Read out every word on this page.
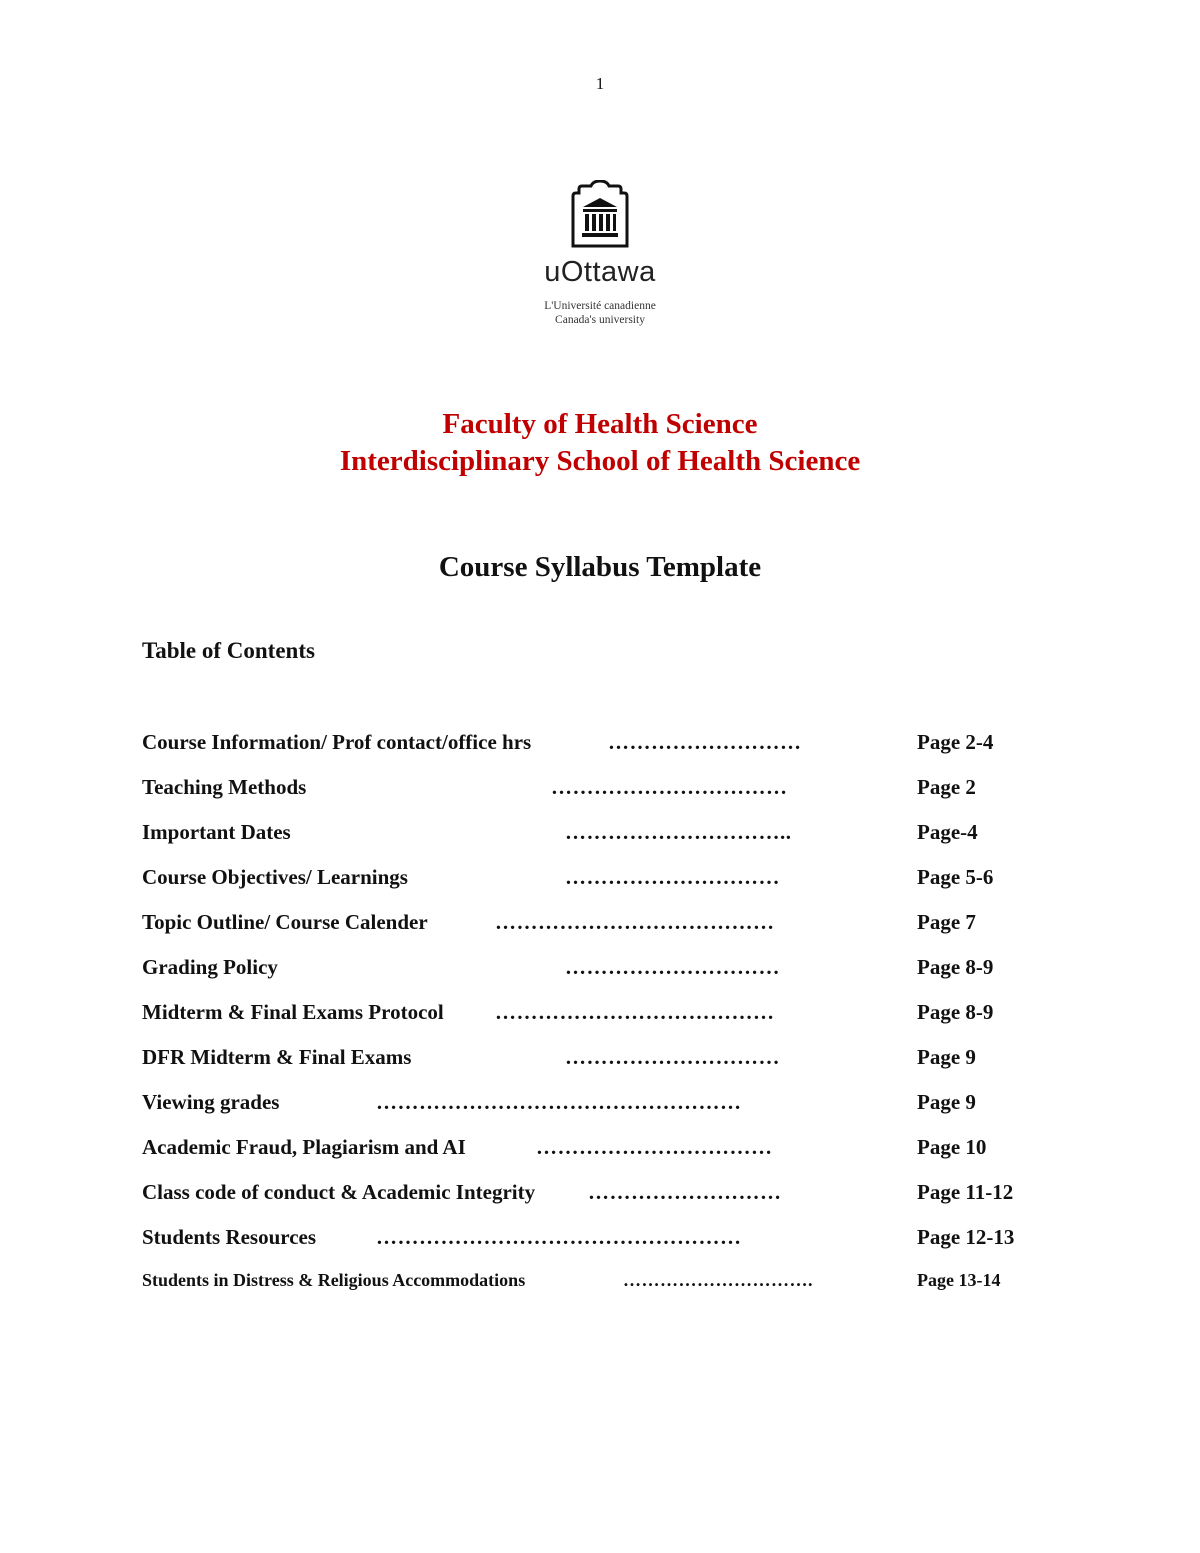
1
uOttawa
L'Université canadienne
Canada's university
Faculty of Health Science
Interdisciplinary School of Health Science
Course Syllabus Template
Table of Contents
Course Information/ Prof contact/office hrs	………………………	Page 2-4
Teaching Methods	……………………………	Page 2
Important Dates	…………………………..	Page-4
Course Objectives/ Learnings	…………………………	Page 5-6
Topic Outline/ Course Calender	…………………………………	Page 7
Grading Policy	…………………………	Page 8-9
Midterm & Final Exams Protocol …………………………………	Page 8-9
DFR Midterm & Final Exams	…………………………	Page 9
Viewing grades	……………………………………………	Page 9
Academic Fraud, Plagiarism and AI	……………………………	Page 10
Class code of conduct & Academic Integrity	………………………	Page 11-12
Students Resources	……………………………………………	Page 12-13
Students in Distress & Religious Accommodations	………………………….	Page 13-14
